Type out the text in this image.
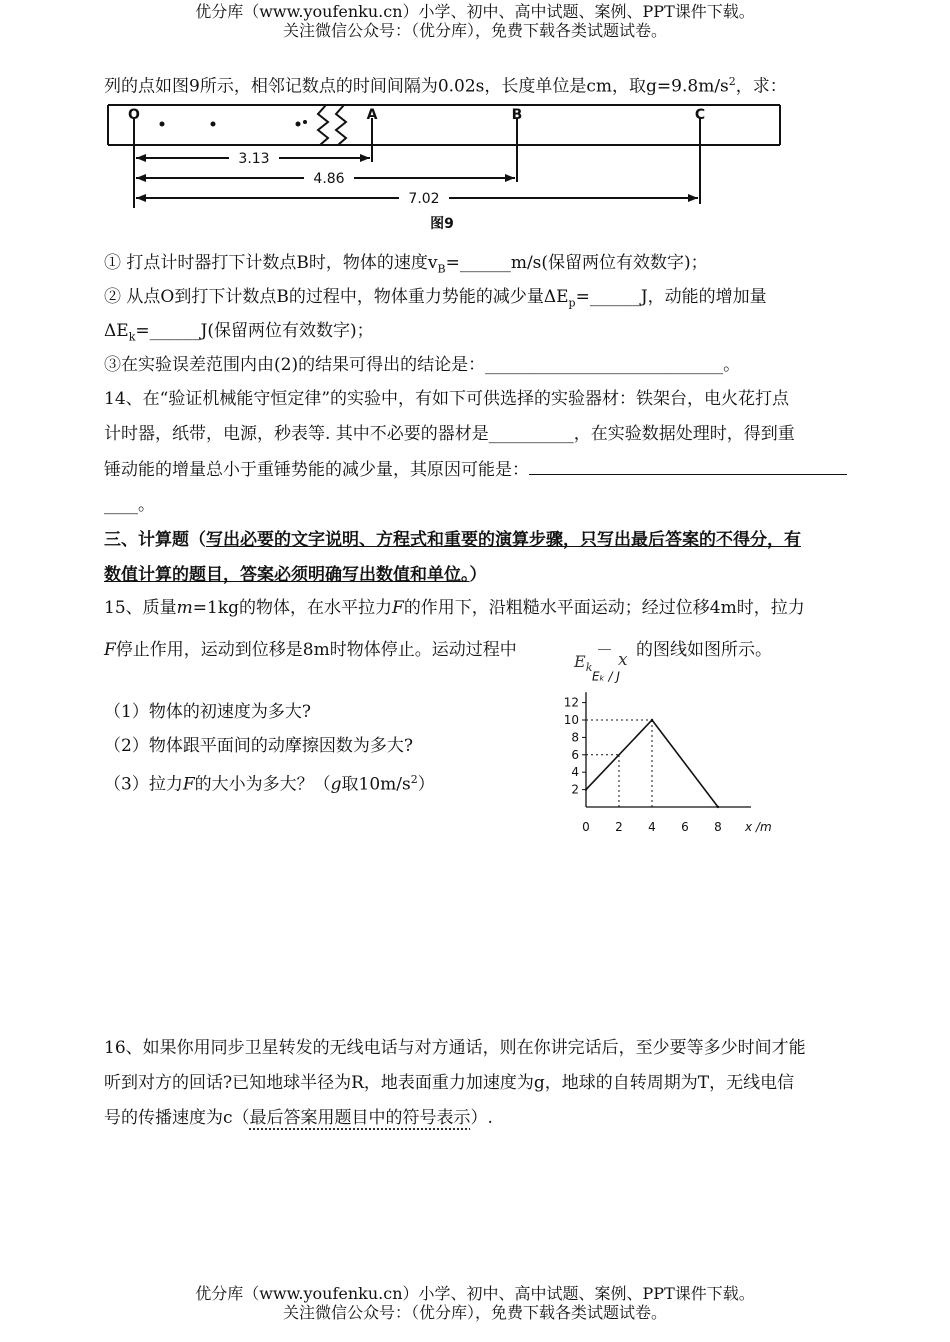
优分库（www.youfenku.cn）小学、初中、高中试题、案例、PPT课件下载。
关注微信公众号：（优分库），免费下载各类试题试卷。
列的点如图9所示，相邻记数点的时间间隔为0.02s，长度单位是cm，取$g=9.8m/s^2$，求：
O	A	B	C
3.13
4.86
7.02
图9
① 打点计时器打下计数点B时，物体的速度$v_B=\_\_\_\_\_\_m/s$(保留两位有效数字)；
② 从点O到打下计数点B的过程中，物体重力势能的减少量$\Delta E_p=\_\_\_\_\_\_J$，动能的增加量
$\Delta E_k=\_\_\_\_\_\_J$(保留两位有效数字)；
③在实验误差范围内由(2)的结果可得出的结论是：____________________________。
14、在“验证机械能守恒定律”的实验中，有如下可供选择的实验器材：铁架台，电火花打点
计时器，纸带，电源，秒表等. 其中不必要的器材是__________，在实验数据处理时，得到重
锤动能的增量总小于重锤势能的减少量，其原因可能是：
____。
三、计算题（写出必要的文字说明、方程式和重要的演算步骤，只写出最后答案的不得分，有
数值计算的题目，答案必须明确写出数值和单位。）
15、质量m=1kg的物体，在水平拉力F的作用下，沿粗糙水平面运动；经过位移4m时，拉力
F停止作用，运动到位移是8m时物体停止。运动过程中
$E_k$
－ x 的图线如图所示。
（1）物体的初速度为多大?
（2）物体跟平面间的动摩擦因数为多大?
（3）拉力F的大小为多大？（g取$10m/s^2$）	2
4
6
8
10
12
0 2 4 6 8
Eₖ / J
x /m
16、如果你用同步卫星转发的无线电话与对方通话，则在你讲完话后，至少要等多少时间才能
听到对方的回话?已知地球半径为R，地表面重力加速度为g，地球的自转周期为T，无线电信
号的传播速度为c（最后答案用题目中的符号表示）.
优分库（www.youfenku.cn）小学、初中、高中试题、案例、PPT课件下载。
关注微信公众号：（优分库），免费下载各类试题试卷。
